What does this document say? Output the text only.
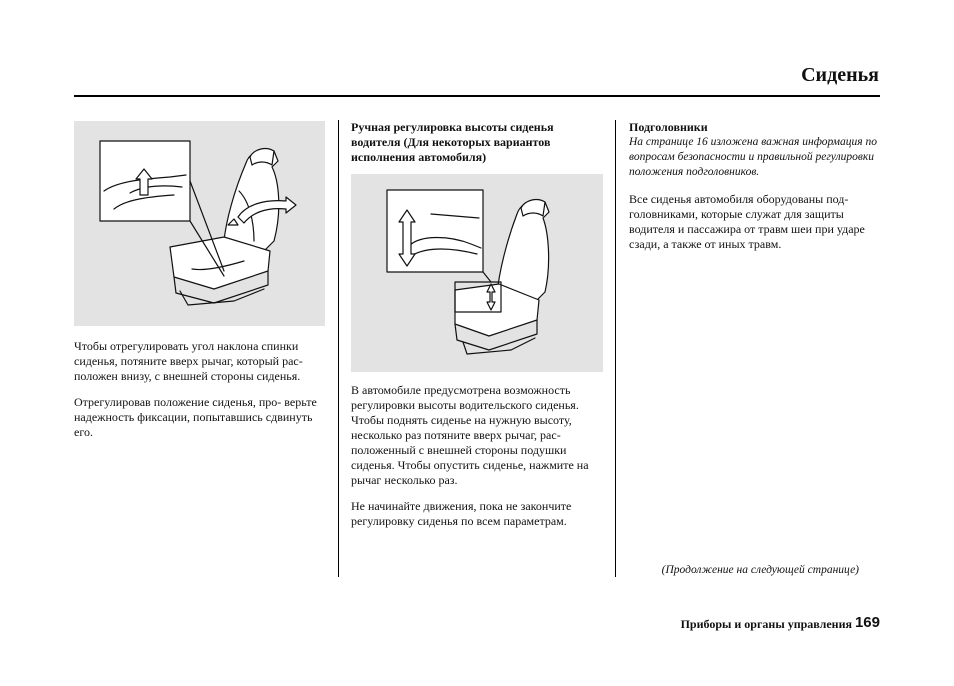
Сиденья

Чтобы отрегулировать угол наклона спинки сиденья, потяните вверх рычаг, который рас- положен внизу, с внешней стороны сиденья.

Отрегулировав положение сиденья, про- верьте надежность фиксации, попытавшись сдвинуть его.

Ручная регулировка высоты сиденья водителя (Для некоторых вариантов исполнения автомобиля)

В автомобиле предусмотрена возможность регулировки высоты водительского сиденья. Чтобы поднять сиденье на нужную высоту, несколько раз потяните вверх рычаг, рас- положенный с внешней стороны подушки сиденья. Чтобы опустить сиденье, нажмите на рычаг несколько раз.

Не начинайте движения, пока не закончите регулировку сиденья по всем параметрам.

Подголовники

На странице 16 изложена важная информация по вопросам безопасности и правильной регулировки положения подголовников.

Все сиденья автомобиля оборудованы под- головниками, которые служат для защиты водителя и пассажира от травм шеи при ударе сзади, а также от иных травм.

(Продолжение на следующей странице)
Приборы и органы управления 169
